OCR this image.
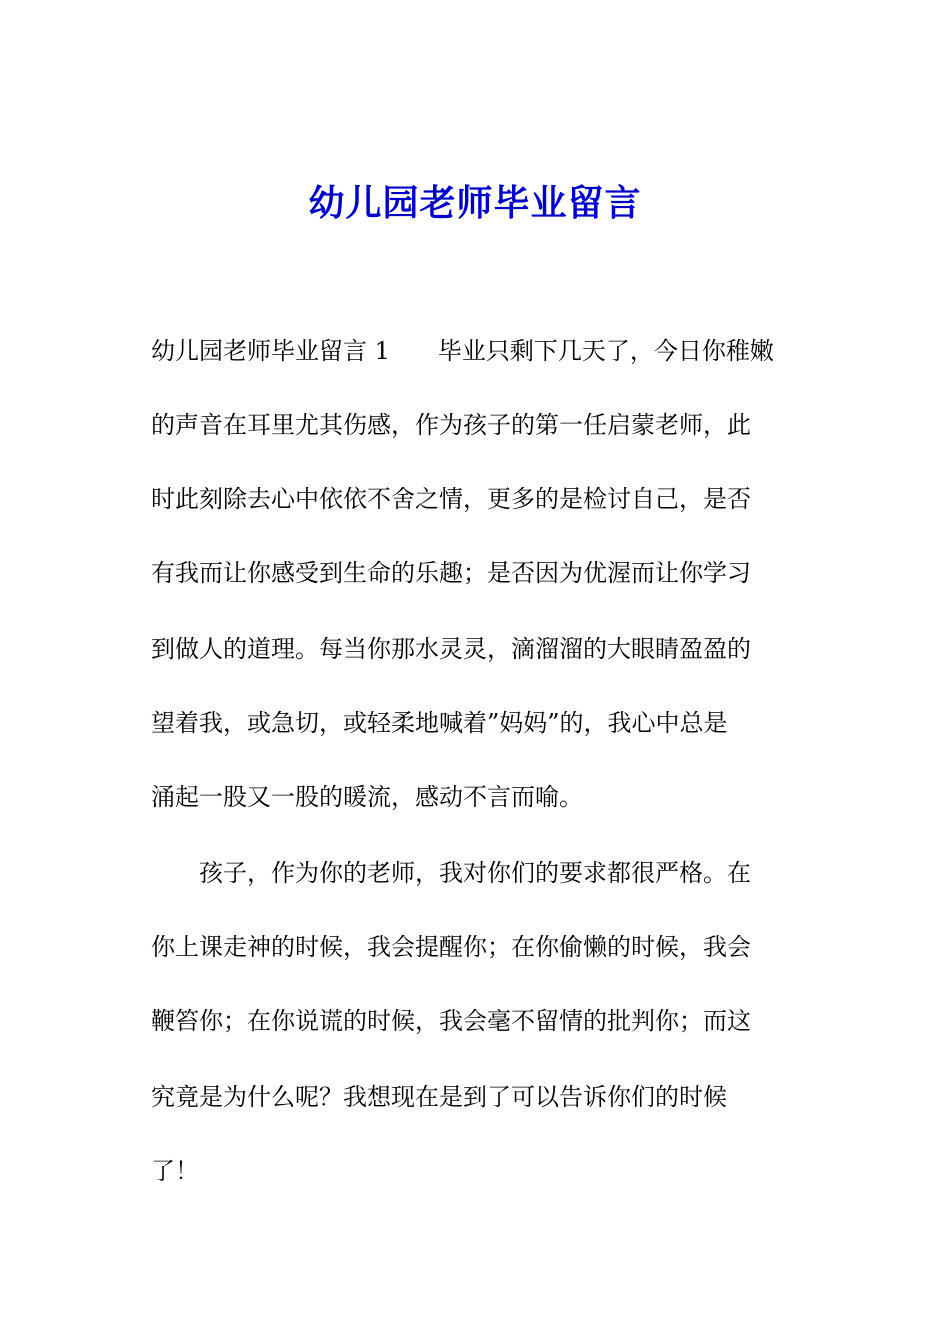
幼儿园老师毕业留言

幼儿园老师毕业留言 1　　毕业只剩下几天了，今日你稚嫩

的声音在耳里尤其伤感，作为孩子的第一任启蒙老师，此

时此刻除去心中依依不舍之情，更多的是检讨自己，是否

有我而让你感受到生命的乐趣；是否因为优渥而让你学习

到做人的道理。每当你那水灵灵，滴溜溜的大眼睛盈盈的

望着我，或急切，或轻柔地喊着”妈妈”的，我心中总是

涌起一股又一股的暖流，感动不言而喻。

　　孩子，作为你的老师，我对你们的要求都很严格。在

你上课走神的时候，我会提醒你；在你偷懒的时候，我会

鞭笞你；在你说谎的时候，我会毫不留情的批判你；而这

究竟是为什么呢？我想现在是到了可以告诉你们的时候

了！
